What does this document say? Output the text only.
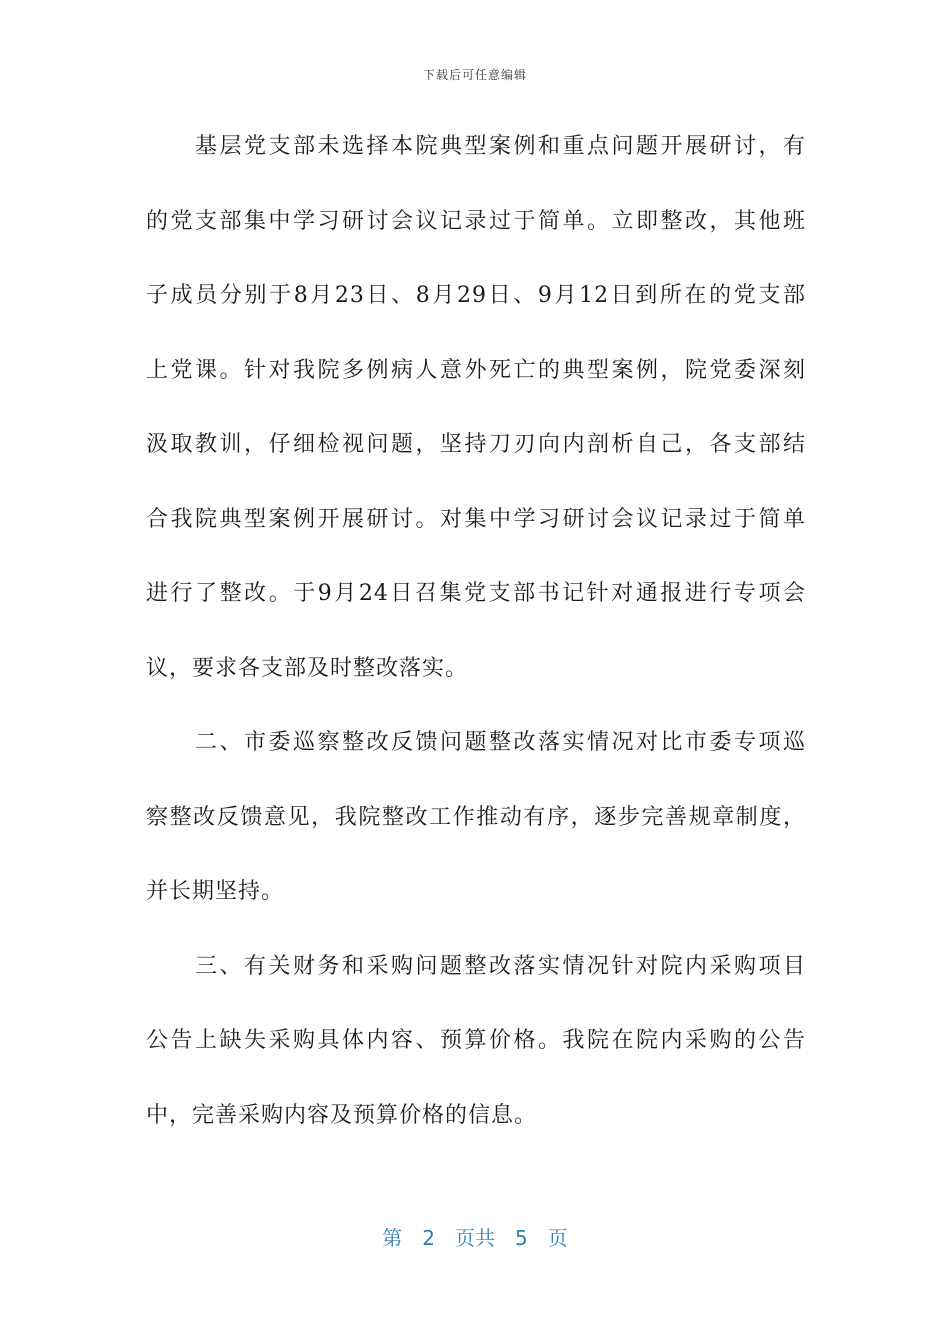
下载后可任意编辑
　　基层党支部未选择本院典型案例和重点问题开展研讨，有
的党支部集中学习研讨会议记录过于简单。立即整改，其他班
子成员分别于8月23日、8月29日、9月12日到所在的党支部
上党课。针对我院多例病人意外死亡的典型案例，院党委深刻
汲取教训，仔细检视问题，坚持刀刃向内剖析自己，各支部结
合我院典型案例开展研讨。对集中学习研讨会议记录过于简单
进行了整改。于9月24日召集党支部书记针对通报进行专项会
议，要求各支部及时整改落实。
　　二、市委巡察整改反馈问题整改落实情况对比市委专项巡
察整改反馈意见，我院整改工作推动有序，逐步完善规章制度，
并长期坚持。
　　三、有关财务和采购问题整改落实情况针对院内采购项目
公告上缺失采购具体内容、预算价格。我院在院内采购的公告
中，完善采购内容及预算价格的信息。
第 2 页共 5 页
